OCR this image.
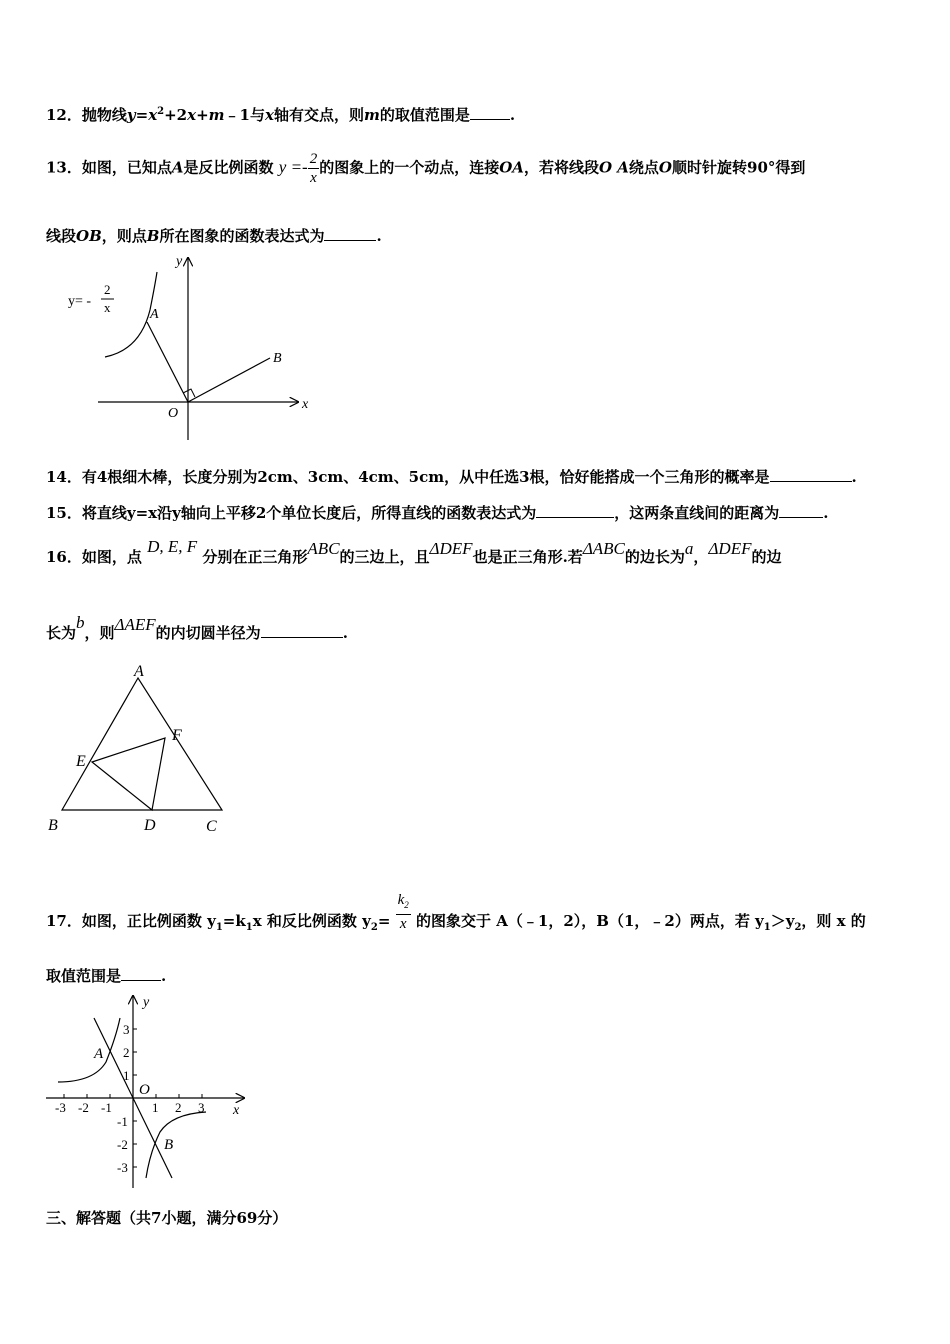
12．抛物线$y=x^2+2x+m﹣1$与x轴有交点，则m的取值范围是	.
13．如图，已知点A是反比例函数 $y =- \frac{2}{x}$ 的图象上的一个动点，连接OA，若将线段O A绕点O顺时针旋转90°得到
线段OB，则点B所在图象的函数表达式为	.
y
x
y= -
2
x	A
B
O
14．有4根细木棒，长度分别为2cm、3cm、4cm、5cm，从中任选3根，恰好能搭成一个三角形的概率是	.
15．将直线y=x沿y轴向上平移2个单位长度后，所得直线的函数表达式为	，这两条直线间的距离为	.
16．如图，点 D, E, F 分别在正三角形ABC的三边上，且ΔDEF也是正三角形.若ΔABC的边长为a，ΔDEF的边
长为b，则ΔAEF的内切圆半径为	.
A
B	C
D
E
F
17．如图，正比例函数 $y_1=k_1x$ 和反比例函数 $y_2= \frac{k_2}{x}$ 的图象交于 A（﹣1，2），B（1，﹣2）两点，若 $y_1>y_2$，则 x 的
取值范围是	.
-3 -2 -1	1 2 3
3
2
1
-1
-2
-3
y
x
O
A
B
三、解答题（共7小题，满分69分）
